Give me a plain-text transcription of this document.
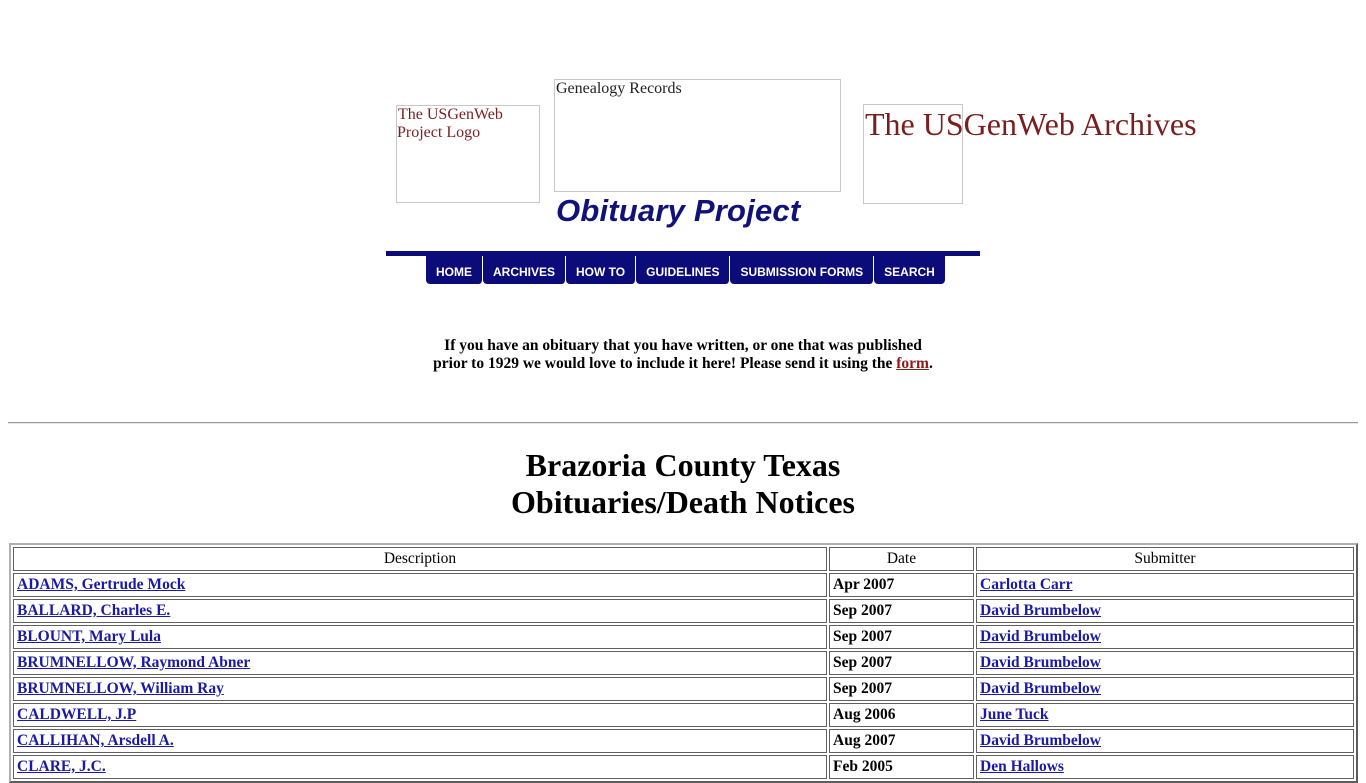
The USGenWeb Project Logo
Genealogy Records
The USGenWeb Archives
Obituary Project
HOME	ARCHIVES	HOW TO	GUIDELINES	SUBMISSION FORMS	SEARCH
If you have an obituary that you have written, or one that was published
prior to 1929 we would love to include it here! Please send it using the form.
Brazoria County Texas
Obituaries/Death Notices
Description	Date	Submitter
ADAMS, Gertrude Mock	Apr 2007	Carlotta Carr
BALLARD, Charles E.	Sep 2007	David Brumbelow
BLOUNT, Mary Lula	Sep 2007	David Brumbelow
BRUMNELLOW, Raymond Abner	Sep 2007	David Brumbelow
BRUMNELLOW, William Ray	Sep 2007	David Brumbelow
CALDWELL, J.P	Aug 2006	June Tuck
CALLIHAN, Arsdell A.	Aug 2007	David Brumbelow
CLARE, J.C.	Feb 2005	Den Hallows
